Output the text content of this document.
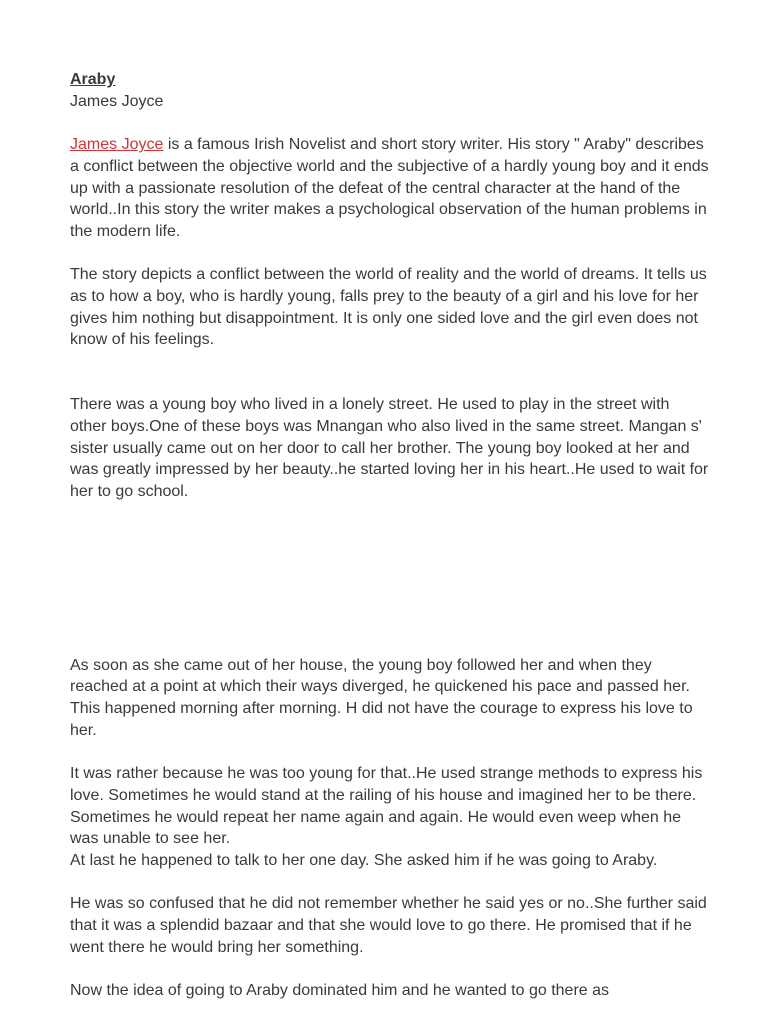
Araby

James Joyce

James Joyce is a famous Irish Novelist and short story writer. His story " Araby" describes a conflict between the objective world and the subjective of a hardly young boy and it ends up with a passionate resolution of the defeat of the central character at the hand of the world..In this story the writer makes a psychological observation of the human problems in the modern life.

The story depicts a conflict between the world of reality and the world of dreams. It tells us as to how a boy, who is hardly young, falls prey to the beauty of a girl and his love for her gives him nothing but disappointment. It is only one sided love and the girl even does not know of his feelings.

There was a young boy who lived in a lonely street. He used to play in the street with other boys.One of these boys was Mnangan who also lived in the same street. Mangan s' sister usually came out on her door to call her brother. The young boy looked at her and was greatly impressed by her beauty..he started loving her in his heart..He used to wait for her to go school.

As soon as she came out of her house, the young boy followed her and when they reached at a point at which their ways diverged, he quickened his pace and passed her. This happened morning after morning. H did not have the courage to express his love to her.

It was rather because he was too young for that..He used strange methods to express his love. Sometimes he would stand at the railing of his house and imagined her to be there. Sometimes he would repeat her name again and again. He would even weep when he was unable to see her.

At last he happened to talk to her one day. She asked him if he was going to Araby.

He was so confused that he did not remember whether he said yes or no..She further said that it was a splendid bazaar and that she would love to go there. He promised that if he went there he would bring her something.

Now the idea of going to Araby dominated him and he wanted to go there as
